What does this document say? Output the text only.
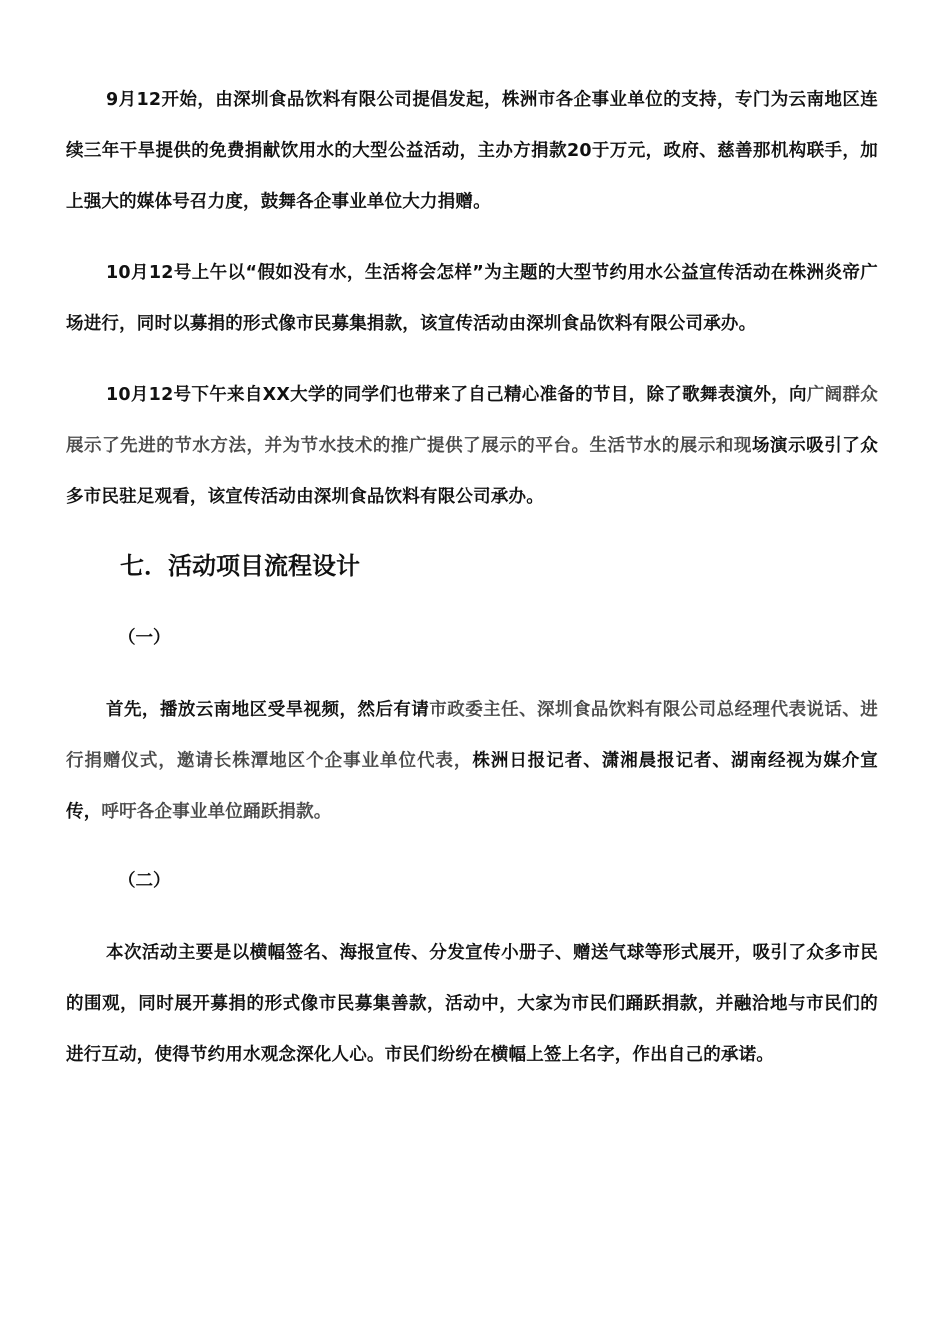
9月12开始，由深圳食品饮料有限公司提倡发起，株洲市各企事业单位的支持，专门为云南地区连续三年干旱提供的免费捐献饮用水的大型公益活动，主办方捐款20于万元，政府、慈善那机构联手，加上强大的媒体号召力度，鼓舞各企事业单位大力捐赠。

10月12号上午以“假如没有水，生活将会怎样”为主题的大型节约用水公益宣传活动在株洲炎帝广场进行，同时以募捐的形式像市民募集捐款，该宣传活动由深圳食品饮料有限公司承办。

10月12号下午来自XX大学的同学们也带来了自己精心准备的节目，除了歌舞表演外，向广阔群众展示了先进的节水方法，并为节水技术的推广提供了展示的平台。生活节水的展示和现场演示吸引了众多市民驻足观看，该宣传活动由深圳食品饮料有限公司承办。

七．活动项目流程设计
（一）

首先，播放云南地区受旱视频，然后有请市政委主任、深圳食品饮料有限公司总经理代表说话、进行捐赠仪式，邀请长株潭地区个企事业单位代表，株洲日报记者、潇湘晨报记者、湖南经视为媒介宣传，呼吁各企事业单位踊跃捐款。

（二）

本次活动主要是以横幅签名、海报宣传、分发宣传小册子、赠送气球等形式展开，吸引了众多市民的围观，同时展开募捐的形式像市民募集善款，活动中，大家为市民们踊跃捐款，并融洽地与市民们的进行互动，使得节约用水观念深化人心。市民们纷纷在横幅上签上名字，作出自己的承诺。
